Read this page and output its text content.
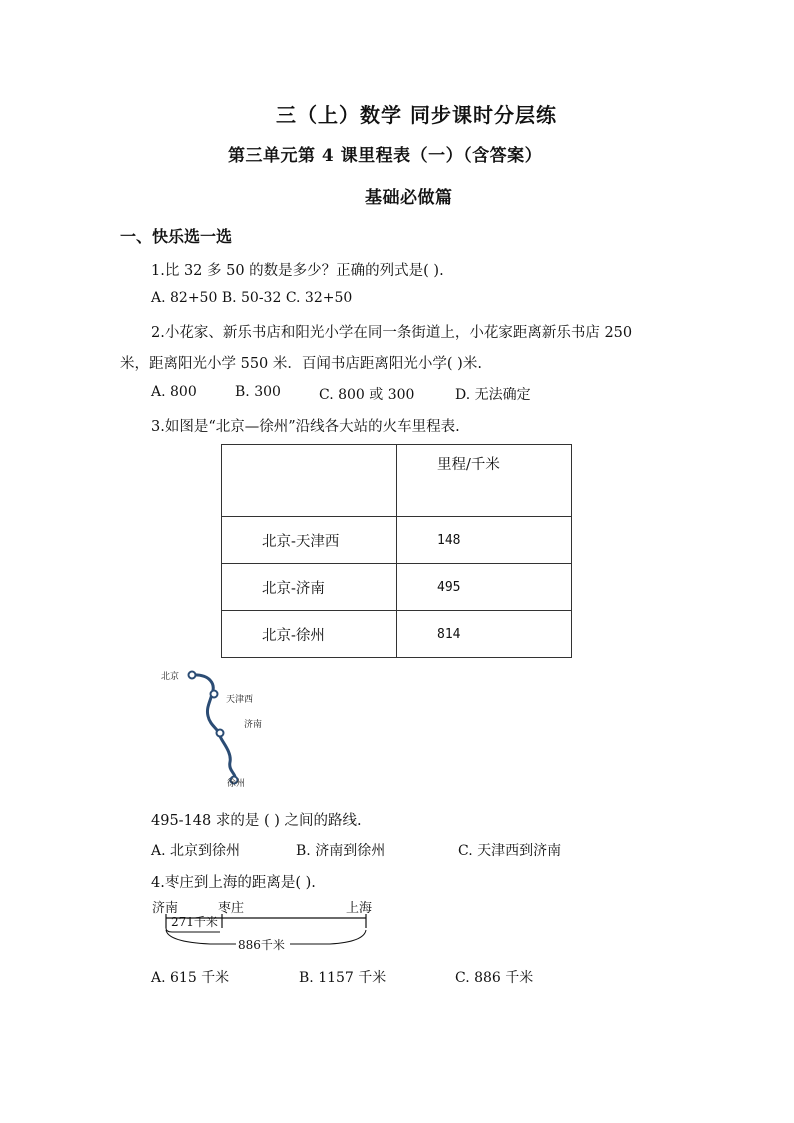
三（上）数学 同步课时分层练
第三单元第 4 课里程表（一）（含答案）
基础必做篇
一、快乐选一选
1.比 32 多 50 的数是多少？正确的列式是( ).
A. 82+50 B. 50-32 C. 32+50
2.小花家、新乐书店和阳光小学在同一条街道上，小花家距离新乐书店 250
米，距离阳光小学 550 米．百闻书店距离阳光小学( )米.
A. 800	B. 300	C. 800 或 300	D. 无法确定
3.如图是“北京—徐州”沿线各大站的火车里程表.
	里程/千米
北京-天津西	148
北京-济南	495
北京-徐州	814
北京
天津西
济南
徐州
495-148 求的是 ( ) 之间的路线.
A. 北京到徐州	B. 济南到徐州	C. 天津西到济南
4.枣庄到上海的距离是( ).
济南	枣庄	上海
271千米
886千米
A. 615 千米	B. 1157 千米	C. 886 千米
